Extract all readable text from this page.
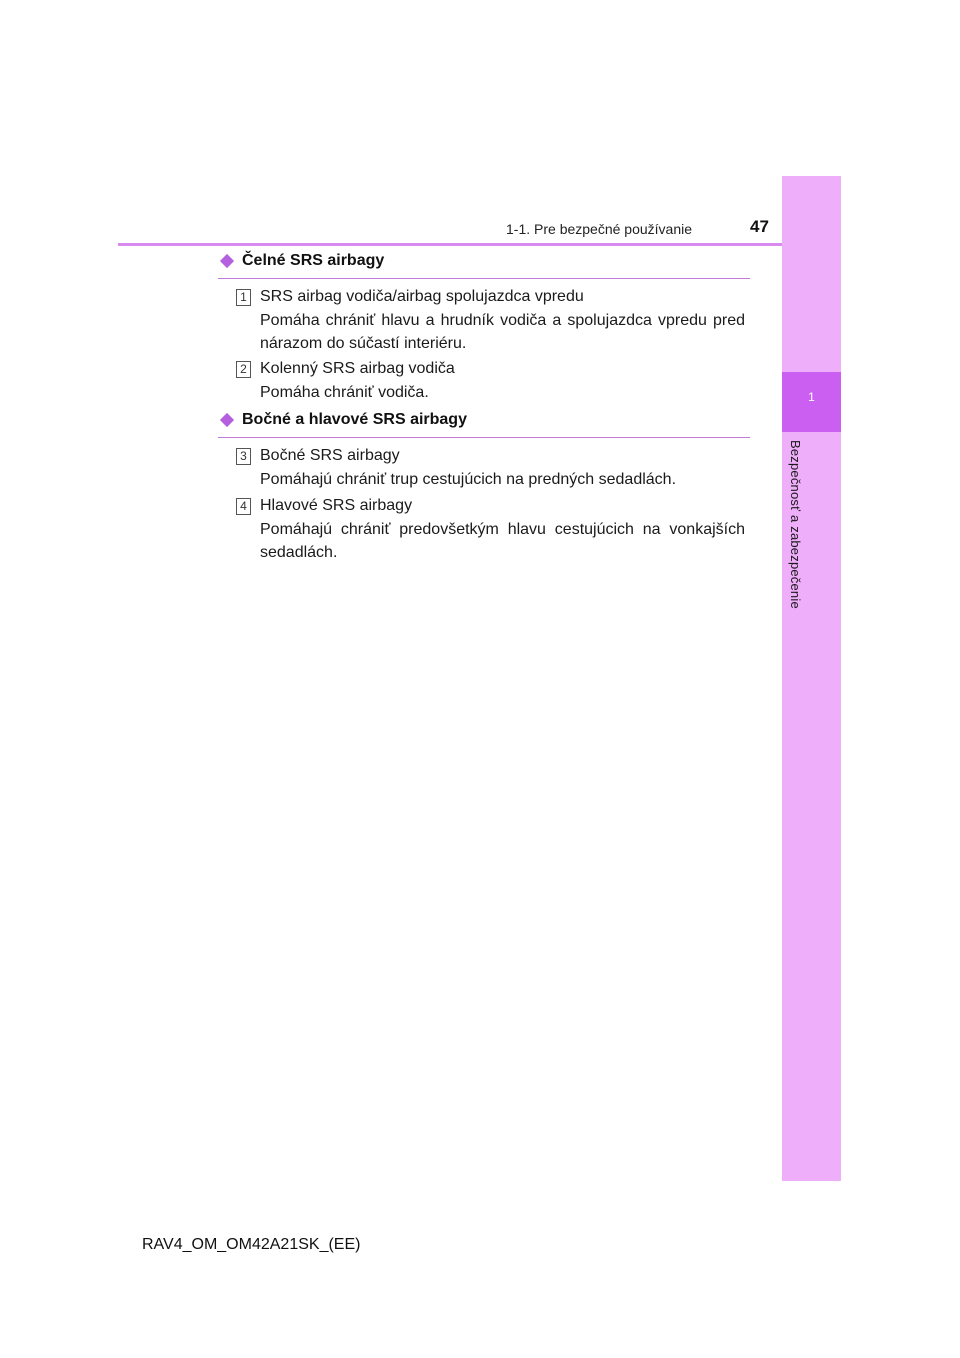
1-1. Pre bezpečné používanie	47
1
Bezpečnosť a zabezpečenie
Čelné SRS airbagy
1 SRS airbag vodiča/airbag spolujazdca vpredu
Pomáha chrániť hlavu a hrudník vodiča a spolujazdca vpredu pred nárazom do súčastí interiéru.
2 Kolenný SRS airbag vodiča
Pomáha chrániť vodiča.
Bočné a hlavové SRS airbagy
3 Bočné SRS airbagy
Pomáhajú chrániť trup cestujúcich na predných sedadlách.
4 Hlavové SRS airbagy
Pomáhajú chrániť predovšetkým hlavu cestujúcich na vonkajších sedadlách.
RAV4_OM_OM42A21SK_(EE)
